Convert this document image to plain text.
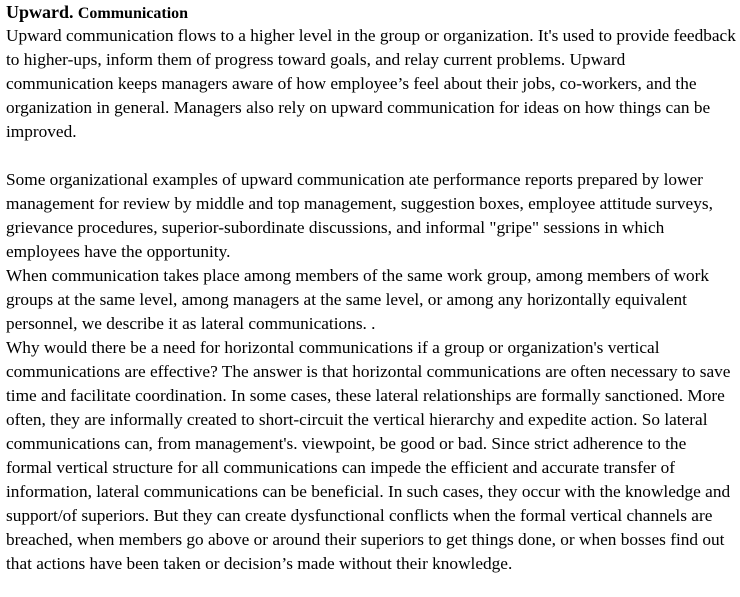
Upward. Communication

Upward communication flows to a higher level in the group or organization. It's used to provide feedback to higher-ups, inform them of progress toward goals, and relay current problems. Upward communication keeps managers aware of how employee’s feel about their jobs, co-workers, and the organization in general. Managers also rely on upward communication for ideas on how things can be improved.

Some organizational examples of upward communication ate performance reports prepared by lower management for review by middle and top management, suggestion boxes, employee attitude surveys, grievance procedures, superior-subordinate discussions, and informal "gripe" sessions in which employees have the opportunity.

When communication takes place among members of the same work group, among members of work groups at the same level, among managers at the same level, or among any horizontally equivalent personnel, we describe it as lateral communications. .

Why would there be a need for horizontal communications if a group or organization's vertical communications are effective? The answer is that horizontal communications are often necessary to save time and facilitate coordination. In some cases, these lateral relationships are formally sanctioned. More often, they are informally created to short-circuit the vertical hierarchy and expedite action. So lateral communications can, from management's. viewpoint, be good or bad. Since strict adherence to the formal vertical structure for all communications can impede the efficient and accurate transfer of information, lateral communications can be beneficial. In such cases, they occur with the knowledge and support/of superiors. But they can create dysfunctional conflicts when the formal vertical channels are breached, when members go above or around their superiors to get things done, or when bosses find out that actions have been taken or decision’s made without their knowledge.
